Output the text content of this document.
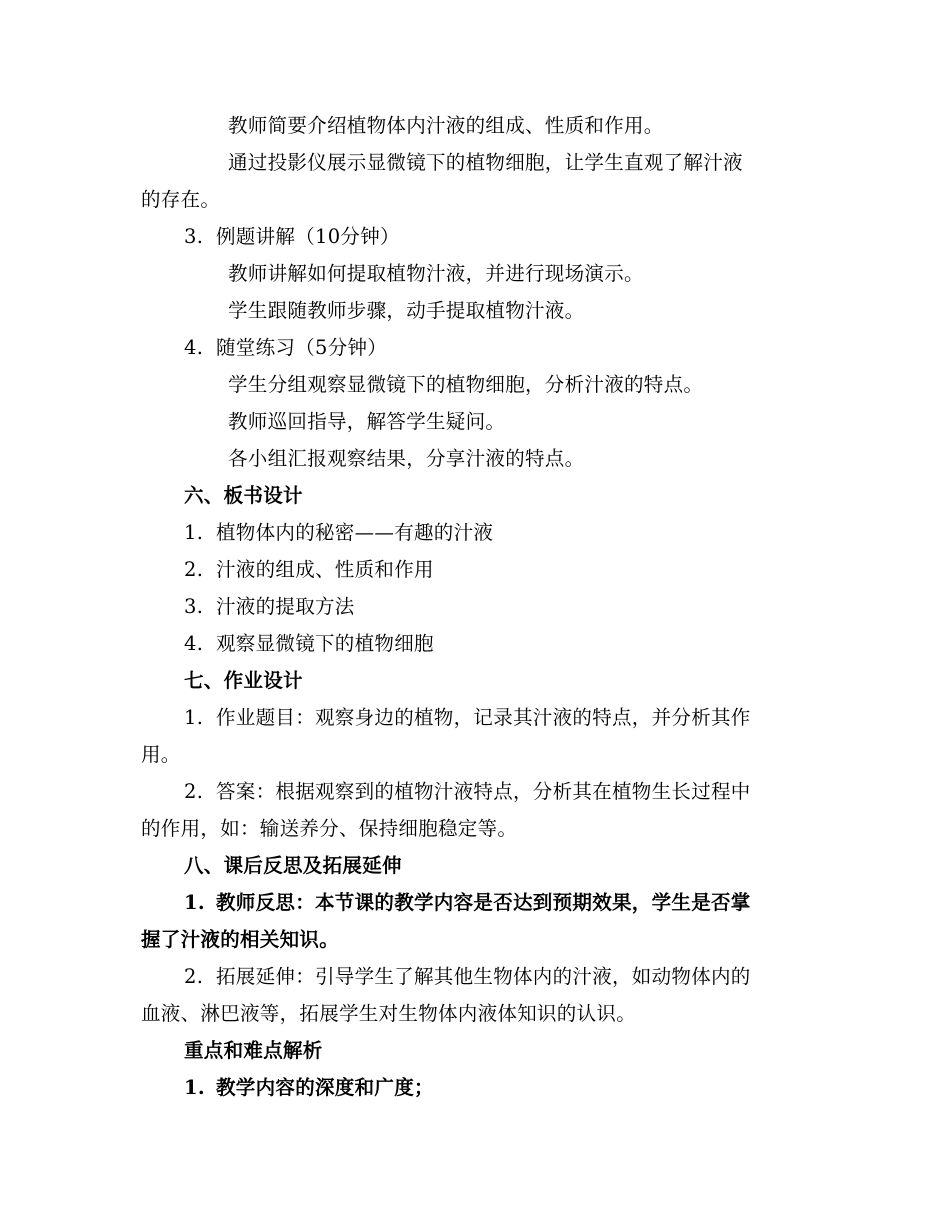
教师简要介绍植物体内汁液的组成、性质和作用。
通过投影仪展示显微镜下的植物细胞，让学生直观了解汁液
的存在。
3. 例题讲解（10分钟）
教师讲解如何提取植物汁液，并进行现场演示。
学生跟随教师步骤，动手提取植物汁液。
4. 随堂练习（5分钟）
学生分组观察显微镜下的植物细胞，分析汁液的特点。
教师巡回指导，解答学生疑问。
各小组汇报观察结果，分享汁液的特点。
六、板书设计
1. 植物体内的秘密——有趣的汁液
2. 汁液的组成、性质和作用
3. 汁液的提取方法
4. 观察显微镜下的植物细胞
七、作业设计
1. 作业题目：观察身边的植物，记录其汁液的特点，并分析其作
用。
2. 答案：根据观察到的植物汁液特点，分析其在植物生长过程中
的作用，如：输送养分、保持细胞稳定等。
八、课后反思及拓展延伸
1. 教师反思：本节课的教学内容是否达到预期效果，学生是否掌
握了汁液的相关知识。
2. 拓展延伸：引导学生了解其他生物体内的汁液，如动物体内的
血液、淋巴液等，拓展学生对生物体内液体知识的认识。
重点和难点解析
1. 教学内容的深度和广度；
